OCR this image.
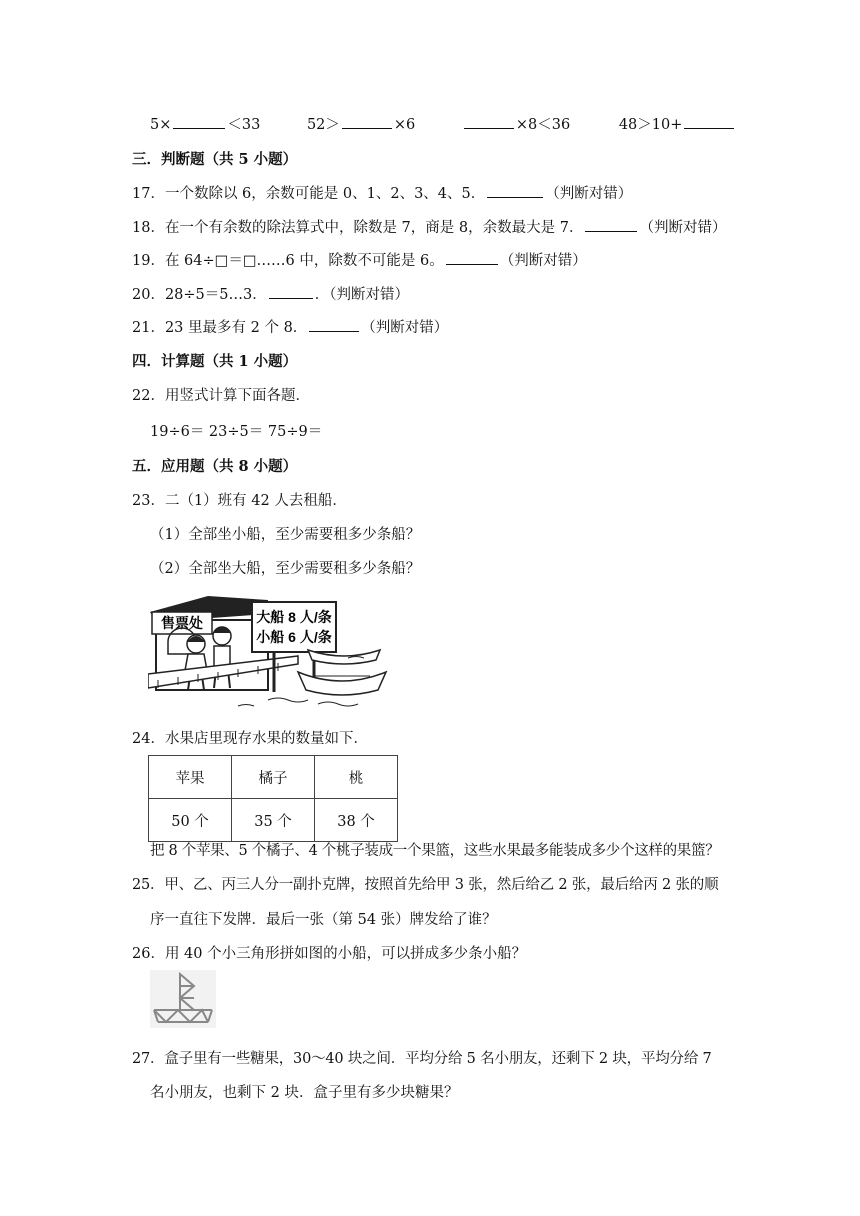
5×	＜33	52＞	×6	×8＜36	48＞10+
三．判断题（共 5 小题）
17．一个数除以 6，余数可能是 0、1、2、3、4、5．	（判断对错）
18．在一个有余数的除法算式中，除数是 7，商是 8，余数最大是 7．	（判断对错）
19．在 64÷□＝□……6 中，除数不可能是 6。	（判断对错）
20．28÷5＝5…3．	．（判断对错）
21．23 里最多有 2 个 8．	（判断对错）
四．计算题（共 1 小题）
22．用竖式计算下面各题．
19÷6＝ 23÷5＝ 75÷9＝
五．应用题（共 8 小题）
23．二（1）班有 42 人去租船．
（1）全部坐小船，至少需要租多少条船？
（2）全部坐大船，至少需要租多少条船？
售票处	大船 8 人/条
小船 6 人/条
24．水果店里现存水果的数量如下．
苹果	橘子	桃
50 个	35 个	38 个
把 8 个苹果、5 个橘子、4 个桃子装成一个果篮，这些水果最多能装成多少个这样的果篮？
25．甲、乙、丙三人分一副扑克牌，按照首先给甲 3 张，然后给乙 2 张，最后给丙 2 张的顺
序一直往下发牌．最后一张（第 54 张）牌发给了谁？
26．用 40 个小三角形拼如图的小船，可以拼成多少条小船？
27．盒子里有一些糖果，30～40 块之间．平均分给 5 名小朋友，还剩下 2 块，平均分给 7
名小朋友，也剩下 2 块．盒子里有多少块糖果？
